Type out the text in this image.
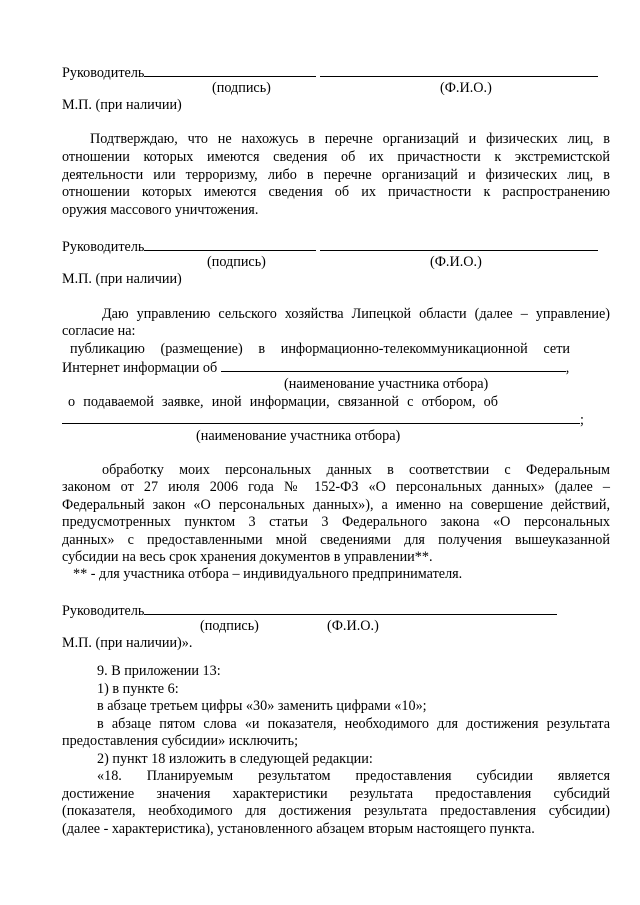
Руководитель
(подпись)	(Ф.И.О.)
М.П. (при наличии)
Подтверждаю, что не нахожусь в перечне организаций и физических лиц, в
отношении которых имеются сведения об их причастности к экстремистской
деятельности или терроризму, либо в перечне организаций и физических лиц, в
отношении которых имеются сведения об их причастности к распространению
оружия массового уничтожения.
Руководитель
(подпись)	(Ф.И.О.)
М.П. (при наличии)
Даю управлению сельского хозяйства Липецкой области (далее – управление)
согласие на:
публикацию (размещение) в информационно-телекоммуникационной сети
Интернет информации об	,
(наименование участника отбора)
о подаваемой заявке, иной информации, связанной с отбором, об
;
(наименование участника отбора)
обработку моих персональных данных в соответствии с Федеральным
законом от 27 июля 2006 года № 152-ФЗ «О персональных данных» (далее –
Федеральный закон «О персональных данных»), а именно на совершение действий,
предусмотренных пунктом 3 статьи 3 Федерального закона «О персональных
данных» с предоставленными мной сведениями для получения вышеуказанной
субсидии на весь срок хранения документов в управлении**.
** - для участника отбора – индивидуального предпринимателя.
Руководитель
(подпись)	(Ф.И.О.)
М.П. (при наличии)».
9. В приложении 13:
1) в пункте 6:
в абзаце третьем цифры «30» заменить цифрами «10»;
в абзаце пятом слова «и показателя, необходимого для достижения результата
предоставления субсидии» исключить;
2) пункт 18 изложить в следующей редакции:
«18. Планируемым результатом предоставления субсидии является
достижение значения характеристики результата предоставления субсидий
(показателя, необходимого для достижения результата предоставления субсидии)
(далее - характеристика), установленного абзацем вторым настоящего пункта.
